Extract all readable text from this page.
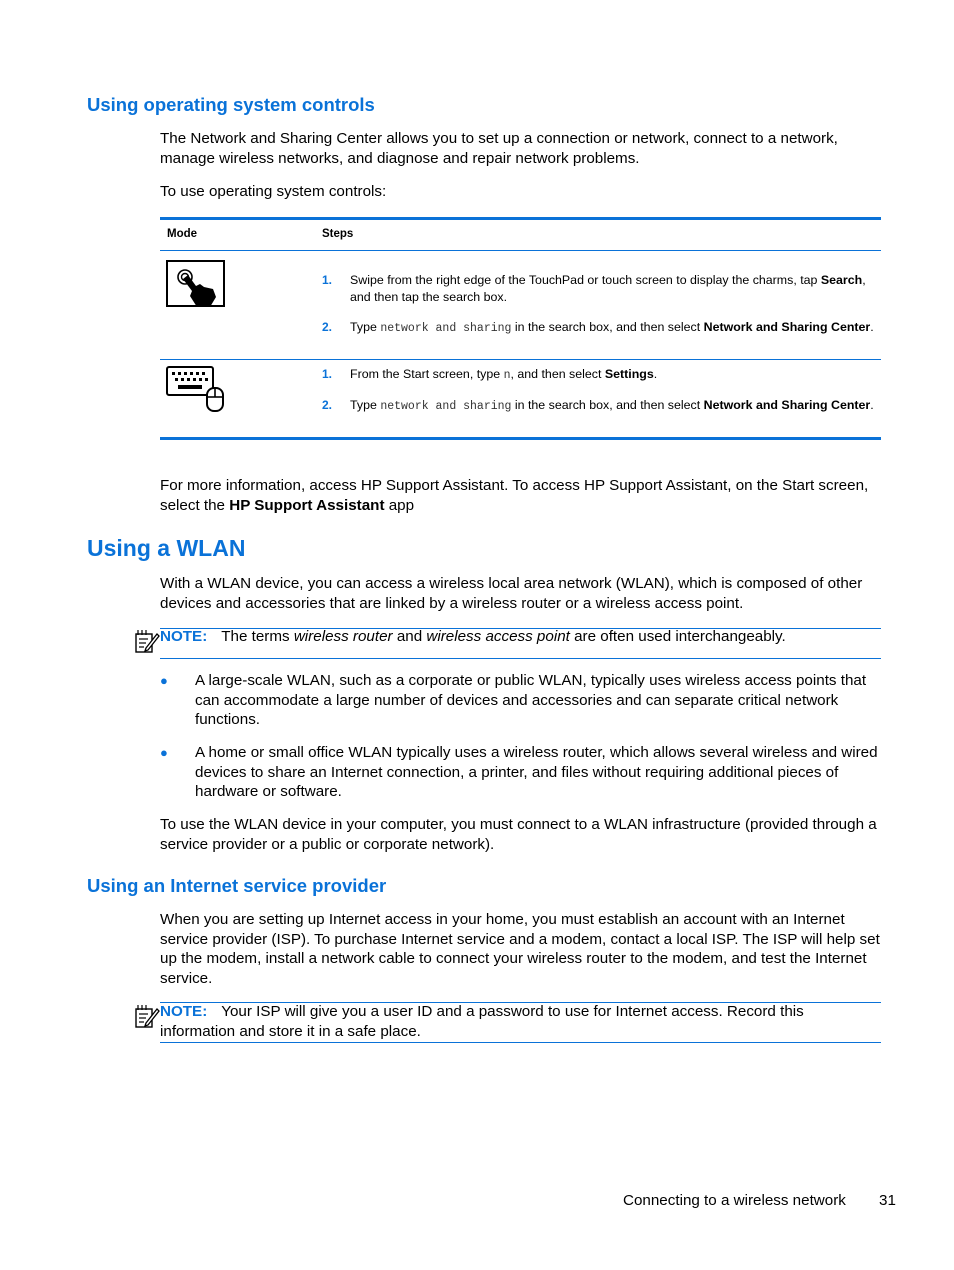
Using operating system controls

The Network and Sharing Center allows you to set up a connection or network, connect to a network, manage wireless networks, and diagnose and repair network problems.

To use operating system controls:

Mode	Steps
1. Swipe from the right edge of the TouchPad or touch screen to display the charms, tap Search, and then tap the search box.

2. Type network and sharing in the search box, and then select Network and Sharing Center.

1. From the Start screen, type n, and then select Settings.

2. Type network and sharing in the search box, and then select Network and Sharing Center.

For more information, access HP Support Assistant. To access HP Support Assistant, on the Start screen, select the HP Support Assistant app

Using a WLAN

With a WLAN device, you can access a wireless local area network (WLAN), which is composed of other devices and accessories that are linked by a wireless router or a wireless access point.

NOTE: The terms wireless router and wireless access point are often used interchangeably.

● A large-scale WLAN, such as a corporate or public WLAN, typically uses wireless access points that can accommodate a large number of devices and accessories and can separate critical network functions.

● A home or small office WLAN typically uses a wireless router, which allows several wireless and wired devices to share an Internet connection, a printer, and files without requiring additional pieces of hardware or software.

To use the WLAN device in your computer, you must connect to a WLAN infrastructure (provided through a service provider or a public or corporate network).

Using an Internet service provider

When you are setting up Internet access in your home, you must establish an account with an Internet service provider (ISP). To purchase Internet service and a modem, contact a local ISP. The ISP will help set up the modem, install a network cable to connect your wireless router to the modem, and test the Internet service.

NOTE: Your ISP will give you a user ID and a password to use for Internet access. Record this information and store it in a safe place.

Connecting to a wireless network 31
